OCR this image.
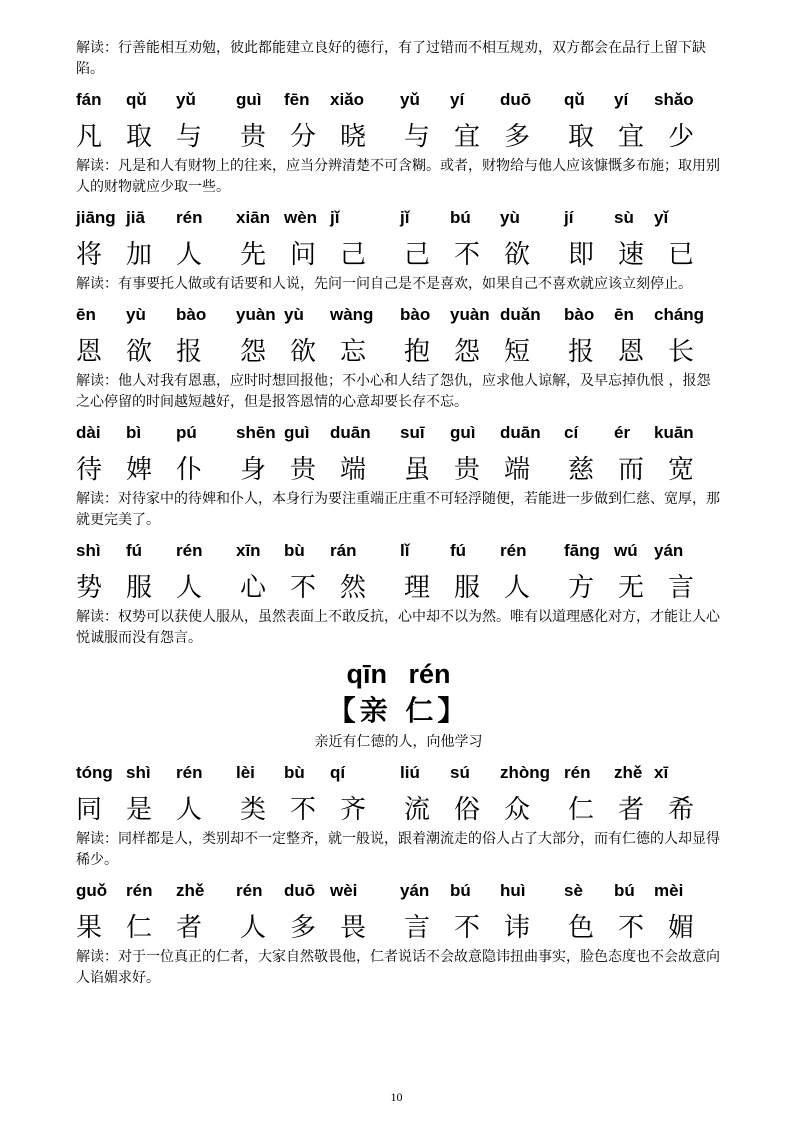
解读：行善能相互劝勉，彼此都能建立良好的德行，有了过错而不相互规劝，双方都会在品行上留下缺陷。

fán qǔ yǔ guì fēn xiǎo yǔ yí duō qǔ yí shǎo
凡 取 与 贵 分 晓 与 宜 多 取 宜 少

解读：凡是和人有财物上的往来，应当分辨清楚不可含糊。或者，财物给与他人应该慷慨多布施；取用别人的财物就应少取一些。

jiāng jiā rén xiān wèn jǐ	jǐ bú yù	jí sù yǐ
将 加 人 先 问 己 己 不 欲 即 速 已

解读：有事要托人做或有话要和人说，先问一问自己是不是喜欢，如果自己不喜欢就应该立刻停止。

ēn yù bào yuàn yù wàng bào yuàn duǎn bào ēn cháng
恩 欲 报 怨 欲 忘 抱 怨 短 报 恩 长

解读：他人对我有恩惠，应时时想回报他；不小心和人结了怨仇，应求他人谅解，及早忘掉仇恨 ，报怨之心停留的时间越短越好，但是报答恩情的心意却要长存不忘。

dài bì pú shēn guì duān suī guì duān cí ér kuān
待 婢 仆 身 贵 端 虽 贵 端 慈 而 宽

解读：对待家中的待婢和仆人，本身行为要注重端正庄重不可轻浮随便，若能进一步做到仁慈、宽厚，那就更完美了。

shì fú rén xīn bù rán	lǐ fú rén fāng wú yán
势 服 人 心 不 然 理 服 人 方 无 言

解读：权势可以获使人服从，虽然表面上不敢反抗，心中却不以为然。唯有以道理感化对方，才能让人心悦诚服而没有怨言。

qīn rén
【亲 仁】
亲近有仁德的人，向他学习
tóng shì rén lèi bù qí	liú sú zhòng rén zhě xī
同 是 人 类 不 齐 流 俗 众 仁 者 希

解读：同样都是人，类别却不一定整齐，就一般说，跟着潮流走的俗人占了大部分，而有仁德的人却显得稀少。

guǒ rén zhě rén duō wèi	yán bú huì sè bú mèi
果 仁 者 人 多 畏 言 不 讳 色 不 媚

解读：对于一位真正的仁者，大家自然敬畏他，仁者说话不会故意隐讳扭曲事实，脸色态度也不会故意向人谄媚求好。

10
